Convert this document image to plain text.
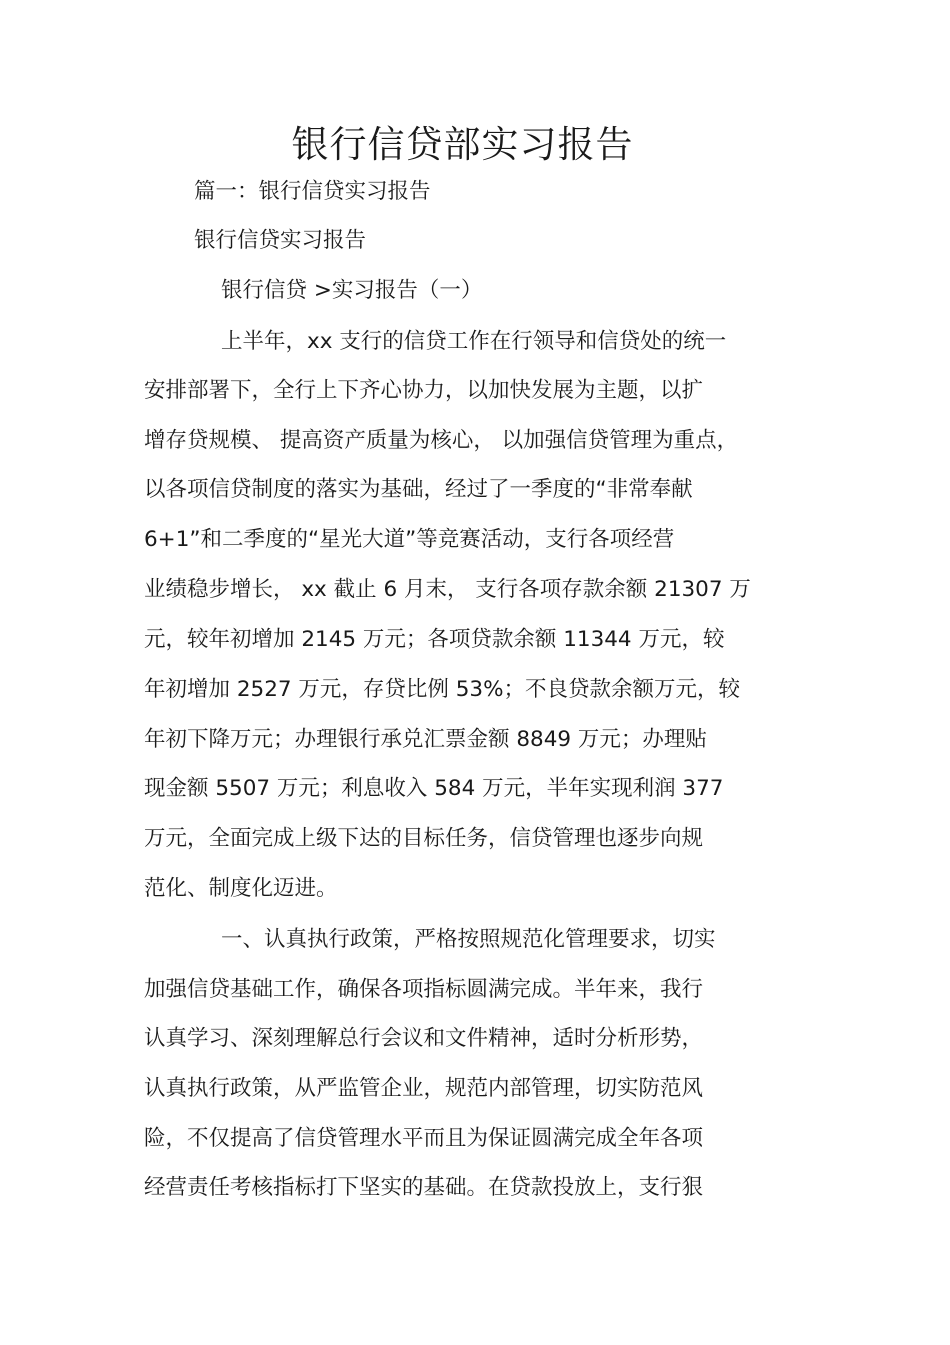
银行信贷部实习报告
篇一：银行信贷实习报告
银行信贷实习报告
银行信贷 >实习报告（一）
上半年，xx 支行的信贷工作在行领导和信贷处的统一
安排部署下，全行上下齐心协力，以加快发展为主题，以扩
增存贷规模、 提高资产质量为核心， 以加强信贷管理为重点，
以各项信贷制度的落实为基础，经过了一季度的“非常奉献
6+1”和二季度的“星光大道”等竞赛活动，支行各项经营
业绩稳步增长， xx 截止 6 月末， 支行各项存款余额 21307 万
元，较年初增加 2145 万元；各项贷款余额 11344 万元，较
年初增加 2527 万元，存贷比例 53%；不良贷款余额万元，较
年初下降万元；办理银行承兑汇票金额 8849 万元；办理贴
现金额 5507 万元；利息收入 584 万元，半年实现利润 377
万元，全面完成上级下达的目标任务，信贷管理也逐步向规
范化、制度化迈进。
一、认真执行政策，严格按照规范化管理要求，切实
加强信贷基础工作，确保各项指标圆满完成。半年来，我行
认真学习、深刻理解总行会议和文件精神，适时分析形势，
认真执行政策，从严监管企业，规范内部管理，切实防范风
险，不仅提高了信贷管理水平而且为保证圆满完成全年各项
经营责任考核指标打下坚实的基础。在贷款投放上，支行狠
